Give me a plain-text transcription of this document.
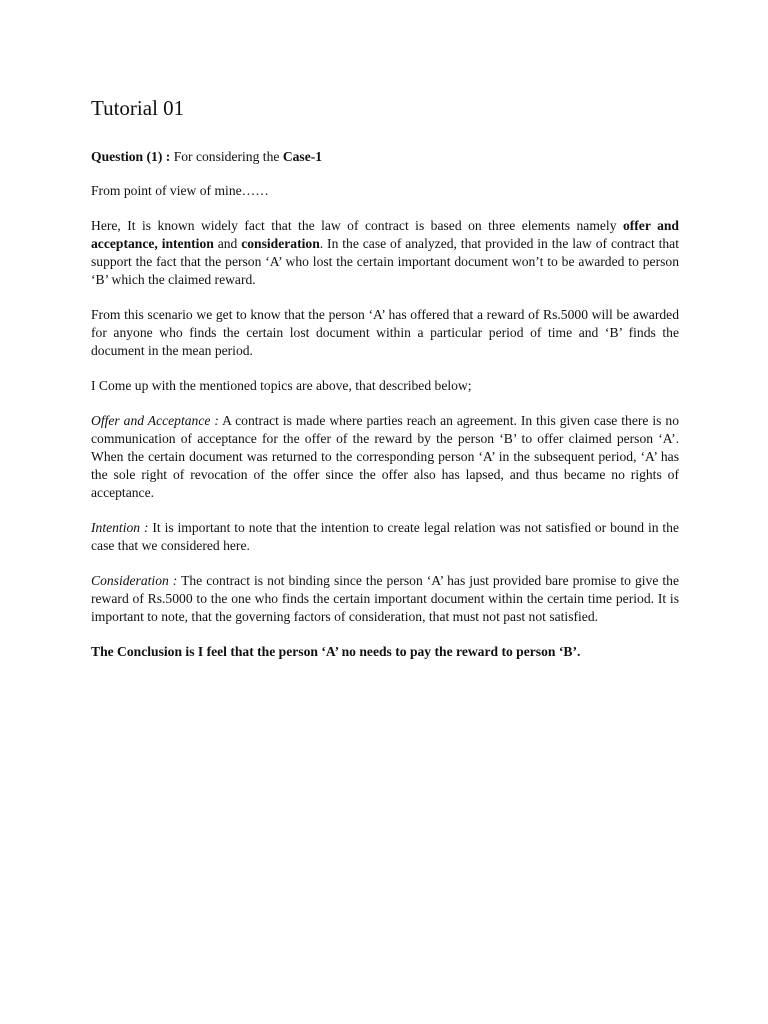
Tutorial 01

Question (1) : For considering the Case-1

From point of view of mine……

Here, It is known widely fact that the law of contract is based on three elements namely offer and acceptance, intention and consideration. In the case of analyzed, that provided in the law of contract that support the fact that the person ‘A’ who lost the certain important document won’t to be awarded to person ‘B’ which the claimed reward.

From this scenario we get to know that the person ‘A’ has offered that a reward of Rs.5000 will be awarded for anyone who finds the certain lost document within a particular period of time and ‘B’ finds the document in the mean period.

I Come up with the mentioned topics are above, that described below;

Offer and Acceptance : A contract is made where parties reach an agreement. In this given case there is no communication of acceptance for the offer of the reward by the person ‘B’ to offer claimed person ‘A’. When the certain document was returned to the corresponding person ‘A’ in the subsequent period, ‘A’ has the sole right of revocation of the offer since the offer also has lapsed, and thus became no rights of acceptance.

Intention : It is important to note that the intention to create legal relation was not satisfied or bound in the case that we considered here.

Consideration : The contract is not binding since the person ‘A’ has just provided bare promise to give the reward of Rs.5000 to the one who finds the certain important document within the certain time period. It is important to note, that the governing factors of consideration, that must not past not satisfied.

The Conclusion is I feel that the person ‘A’ no needs to pay the reward to person ‘B’.
